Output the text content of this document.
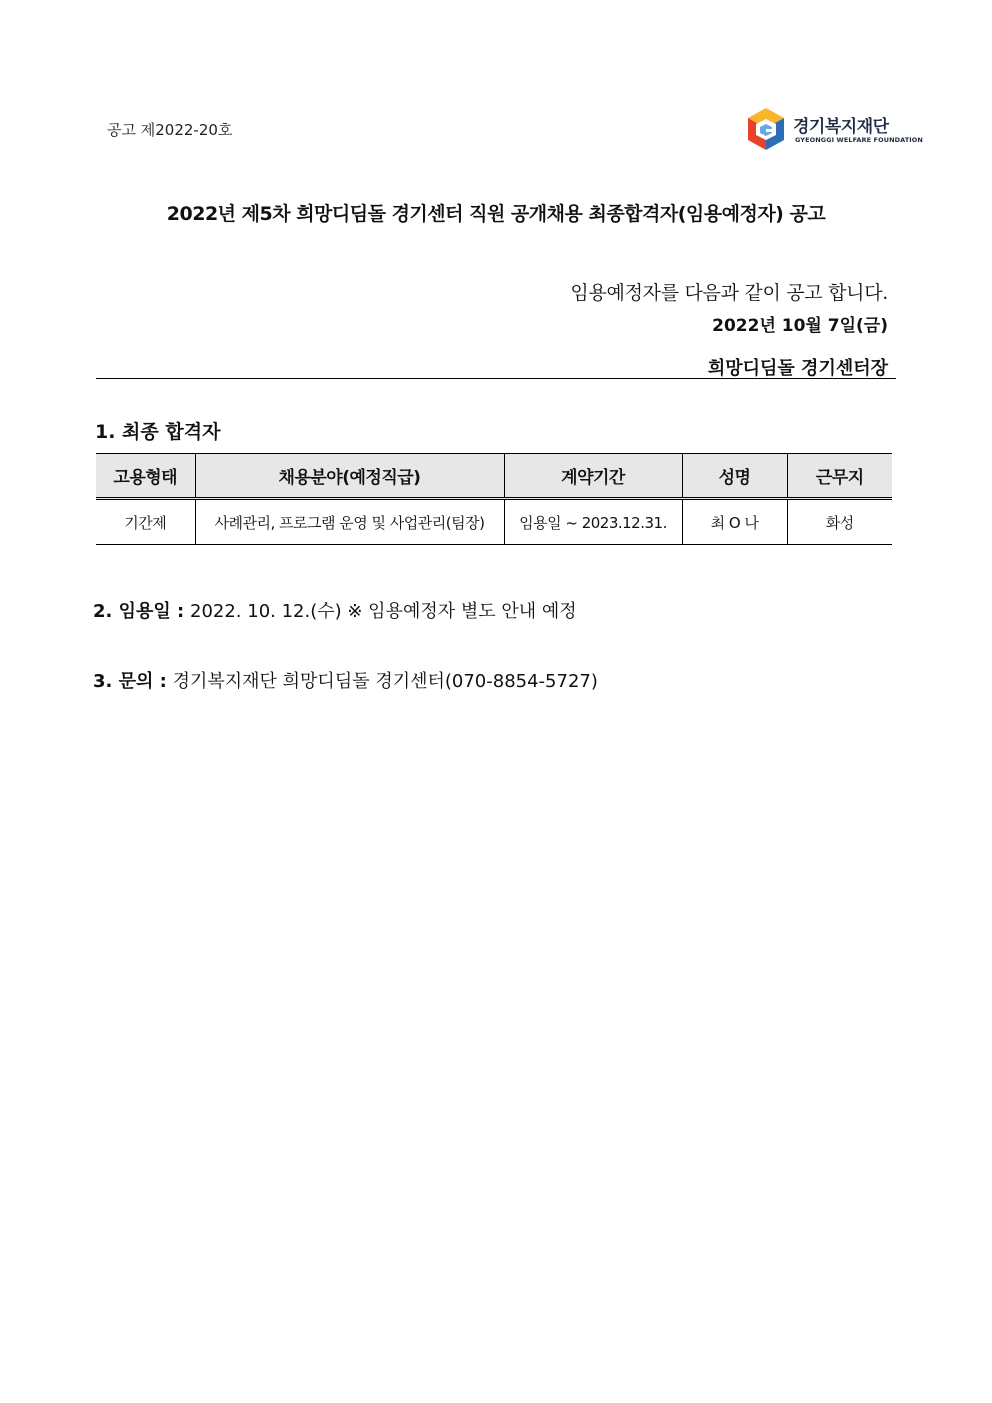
공고 제2022-20호	경기복지재단
GYEONGGI WELFARE FOUNDATION
2022년 제5차 희망디딤돌 경기센터 직원 공개채용 최종합격자(임용예정자) 공고
임용예정자를 다음과 같이 공고 합니다.
2022년 10월 7일(금)
희망디딤돌 경기센터장
1. 최종 합격자
고용형태	채용분야(예정직급)	계약기간	성명	근무지
기간제	사례관리, 프로그램 운영 및 사업관리(팀장)	임용일 ~ 2023.12.31.	최 O 나	화성
2. 임용일 : 2022. 10. 12.(수) ※ 임용예정자 별도 안내 예정
3. 문의 : 경기복지재단 희망디딤돌 경기센터(070-8854-5727)
